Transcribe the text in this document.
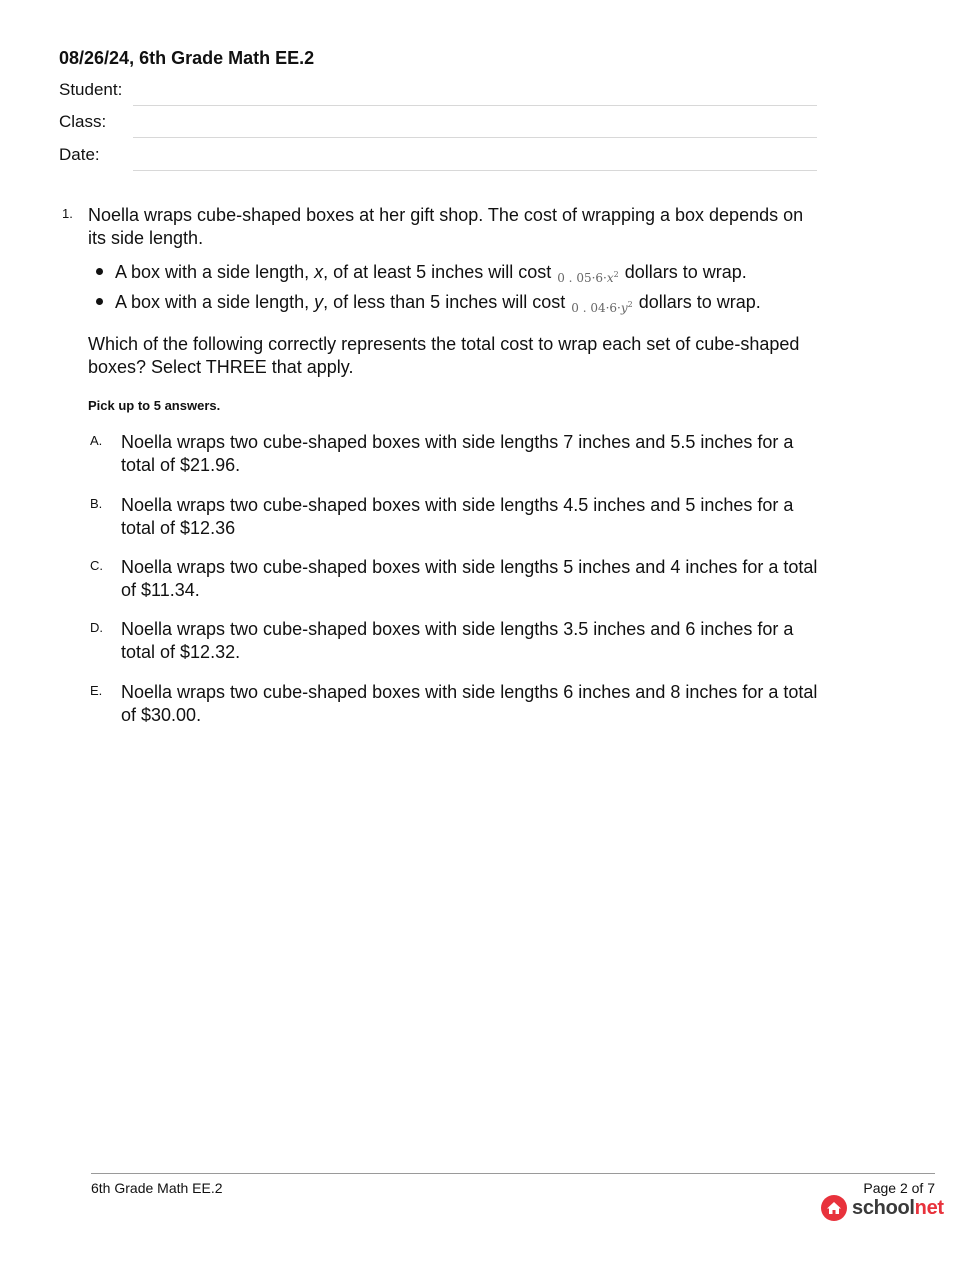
08/26/24, 6th Grade Math EE.2
Student:
Class:
Date:
1. Noella wraps cube-shaped boxes at her gift shop. The cost of wrapping a box depends on its side length.
A box with a side length, x, of at least 5 inches will cost $_{0 . 05\cdot 6\cdot x^2}$ dollars to wrap.
A box with a side length, y, of less than 5 inches will cost $_{0 . 04\cdot 6\cdot y^2}$ dollars to wrap.
Which of the following correctly represents the total cost to wrap each set of cube-shaped boxes? Select THREE that apply.
Pick up to 5 answers.
A. Noella wraps two cube-shaped boxes with side lengths 7 inches and 5.5 inches for a total of $21.96.
B. Noella wraps two cube-shaped boxes with side lengths 4.5 inches and 5 inches for a total of $12.36
C. Noella wraps two cube-shaped boxes with side lengths 5 inches and 4 inches for a total of $11.34.
D. Noella wraps two cube-shaped boxes with side lengths 3.5 inches and 6 inches for a total of $12.32.
E. Noella wraps two cube-shaped boxes with side lengths 6 inches and 8 inches for a total of $30.00.
6th Grade Math EE.2	Page 2 of 7
schoolnet
